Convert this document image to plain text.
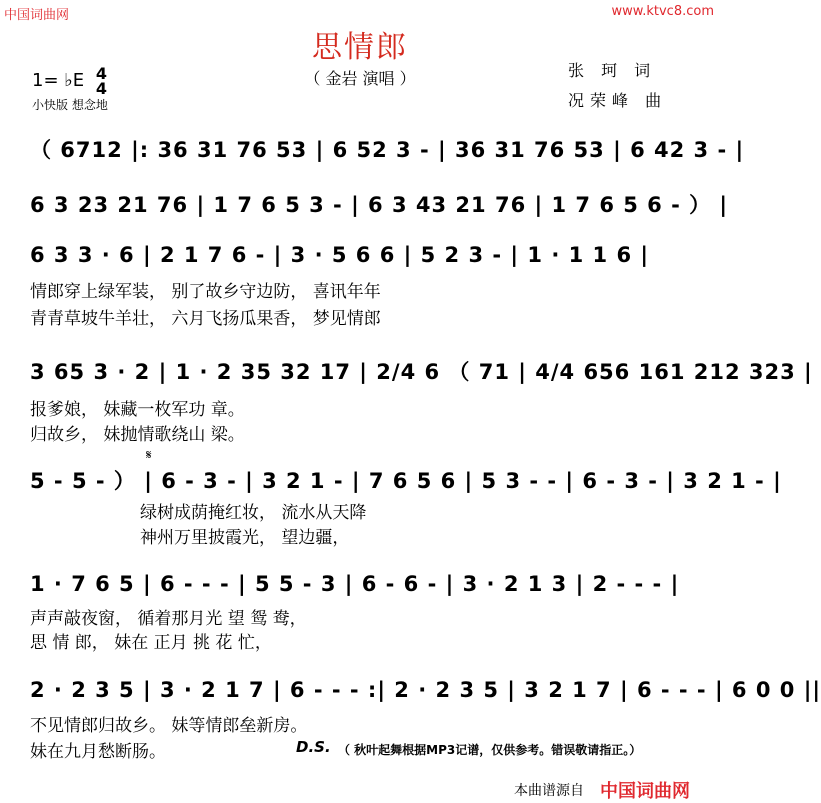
中国词曲网	www.ktvc8.com
思情郎
（ 金岩 演唱 ）
1= ♭E 4
4
小快版 想念地
张 珂 词
况荣峰 曲
（ 6712 |: 36 31 76 53 | 6 52 3 - | 36 31 76 53 | 6 42 3 - |
6 3 23 21 76 | 1 7 6 5 3 - | 6 3 43 21 76 | 1 7 6 5 6 - ） |
6 3 3 · 6 | 2 1 7 6 - | 3 · 5 6 6 | 5 2 3 - | 1 · 1 1 6 |
情郎穿上绿军装， 别了故乡守边防， 喜讯年年
青青草坡牛羊壮， 六月飞扬瓜果香， 梦见情郎
3 65 3 · 2 | 1 · 2 35 32 17 | 2/4 6 （ 71 | 4/4 656 161 212 323 |
报爹娘， 妹藏一枚军功 章。
归故乡， 妹抛情歌绕山 梁。
𝄋
5 - 5 - ） | 6 - 3 - | 3 2 1 - | 7 6 5 6 | 5 3 - - | 6 - 3 - | 3 2 1 - |
绿树成荫掩红妆， 流水从天降
神州万里披霞光， 望边疆，
1 · 7 6 5 | 6 - - - | 5 5 - 3 | 6 - 6 - | 3 · 2 1 3 | 2 - - - |
声声敲夜窗， 循着那月光 望 鸳 鸯，
思 情 郎， 妹在 正月 挑 花 忙，
2 · 2 3 5 | 3 · 2 1 7 | 6 - - - :| 2 · 2 3 5 | 3 2 1 7 | 6 - - - | 6 0 0 ||
不见情郎归故乡。 妹等情郎垒新房。
妹在九月愁断肠。	D.S. （ 秋叶起舞根据MP3记谱，仅供参考。错误敬请指正。）
本曲谱源自 中国词曲网
